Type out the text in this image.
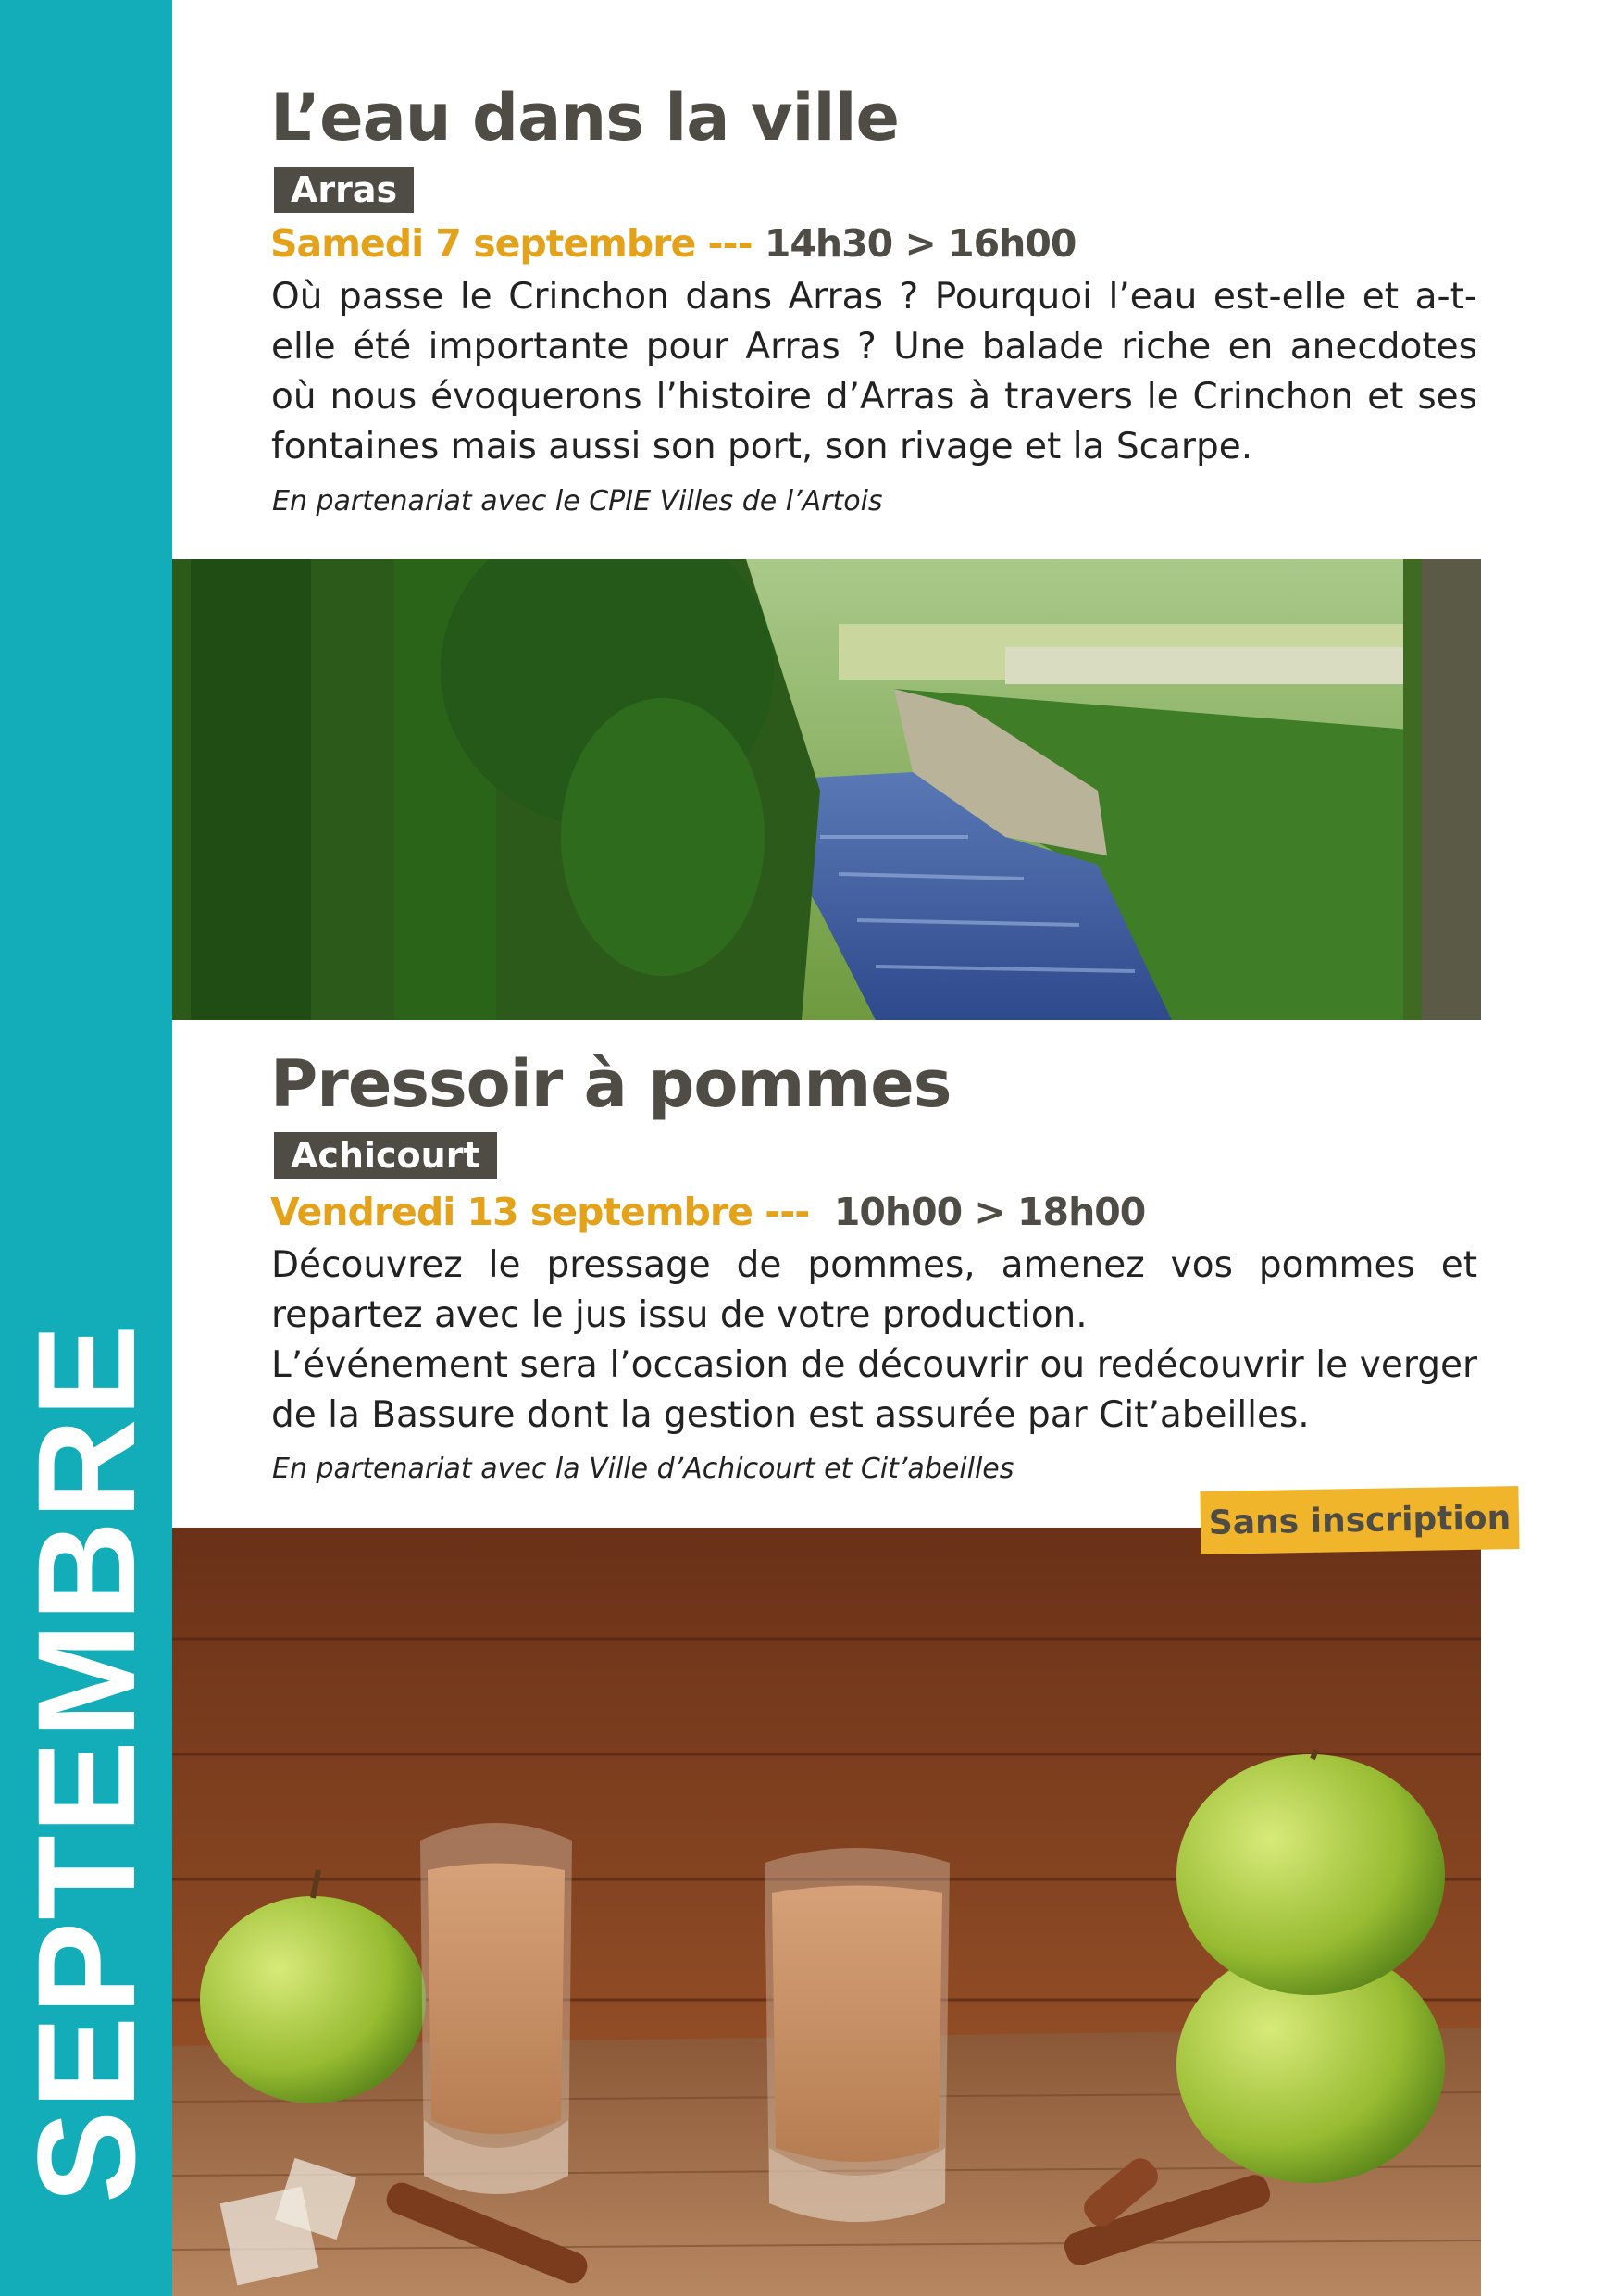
SEPTEMBRE
L’eau dans la ville
Arras
Samedi 7 septembre --- 14h30 > 16h00

Où passe le Crinchon dans Arras ? Pourquoi l’eau est-elle et a-t-elle été importante pour Arras ? Une balade riche en anecdotes où nous évoquerons l’histoire d’Arras à travers le Crinchon et ses fontaines mais aussi son port, son rivage et la Scarpe.

En partenariat avec le CPIE Villes de l’Artois

Pressoir à pommes
Achicourt
Vendredi 13 septembre --- 10h00 > 18h00

Découvrez le pressage de pommes, amenez vos pommes et repartez avec le jus issu de votre production.

L’événement sera l’occasion de découvrir ou redécouvrir le verger de la Bassure dont la gestion est assurée par Cit’abeilles.

En partenariat avec la Ville d’Achicourt et Cit’abeilles

Sans inscription
